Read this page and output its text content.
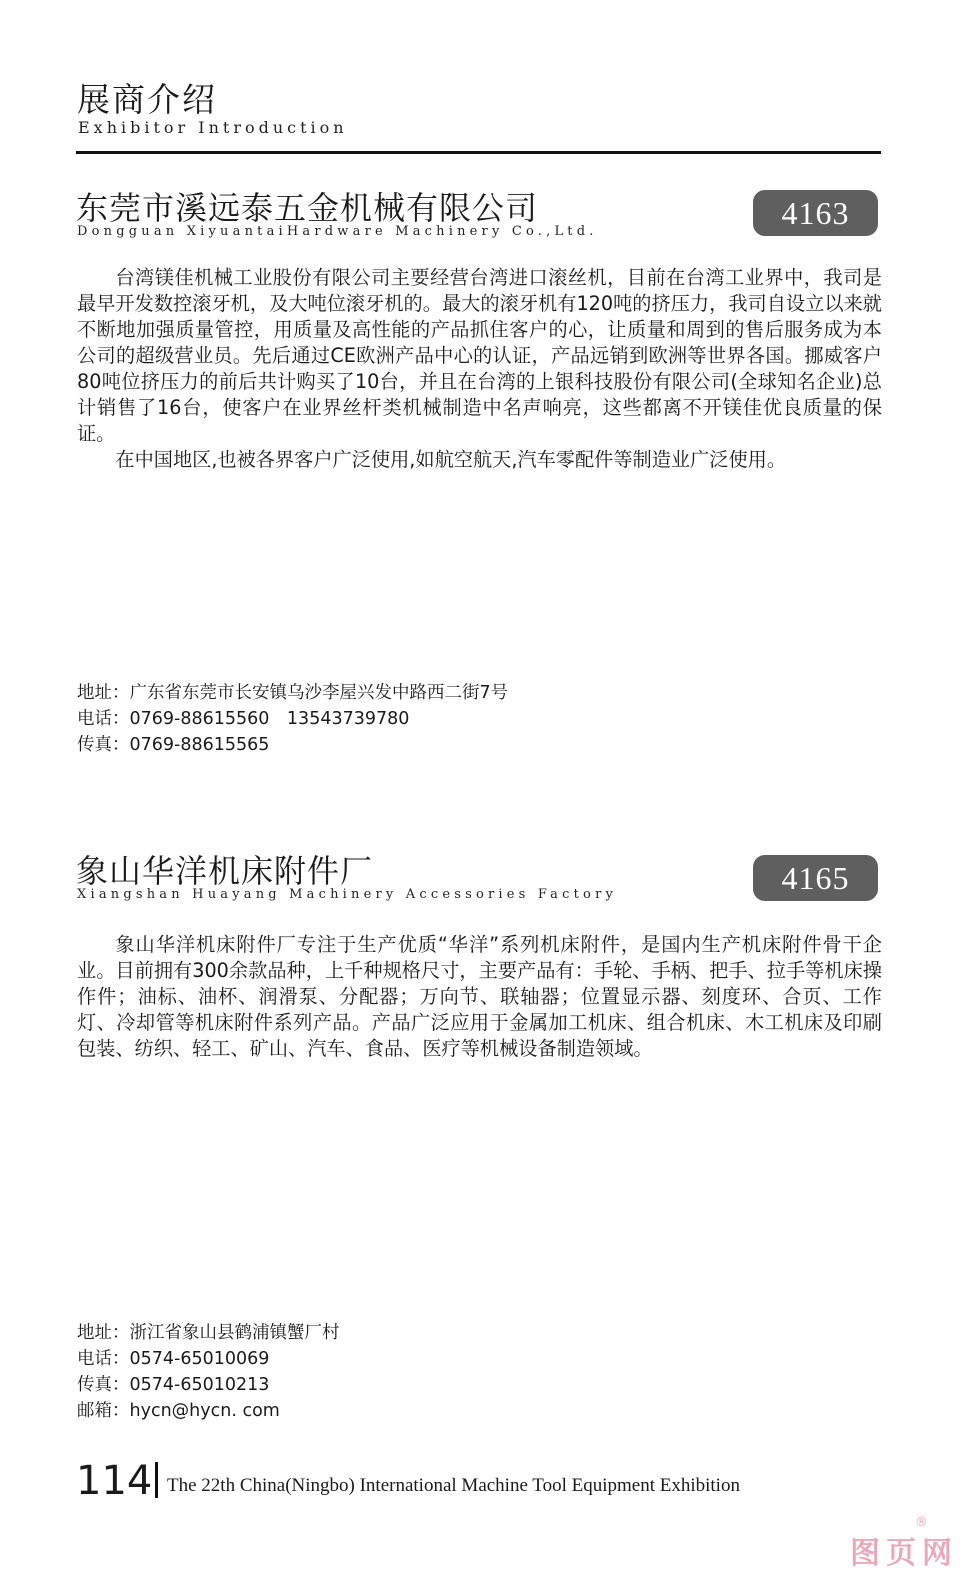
展商介绍
Exhibitor Introduction
东莞市溪远泰五金机械有限公司
Dongguan XiyuantaiHardware Machinery Co.,Ltd.
4163

台湾镁佳机械工业股份有限公司主要经营台湾进口滚丝机，目前在台湾工业界中，我司是最早开发数控滚牙机，及大吨位滚牙机的。最大的滚牙机有120吨的挤压力，我司自设立以来就不断地加强质量管控，用质量及高性能的产品抓住客户的心，让质量和周到的售后服务成为本公司的超级营业员。先后通过CE欧洲产品中心的认证，产品远销到欧洲等世界各国。挪威客户80吨位挤压力的前后共计购买了10台，并且在台湾的上银科技股份有限公司(全球知名企业)总计销售了16台，使客户在业界丝杆类机械制造中名声响亮，这些都离不开镁佳优良质量的保证。

在中国地区,也被各界客户广泛使用,如航空航天,汽车零配件等制造业广泛使用。

地址：广东省东莞市长安镇乌沙李屋兴发中路西二街7号

电话：0769-88615560　13543739780

传真：0769-88615565

象山华洋机床附件厂
Xiangshan Huayang Machinery Accessories Factory	4165

象山华洋机床附件厂专注于生产优质“华洋”系列机床附件，是国内生产机床附件骨干企业。目前拥有300余款品种，上千种规格尺寸，主要产品有：手轮、手柄、把手、拉手等机床操作件；油标、油杯、润滑泵、分配器；万向节、联轴器；位置显示器、刻度环、合页、工作灯、冷却管等机床附件系列产品。产品广泛应用于金属加工机床、组合机床、木工机床及印刷包装、纺织、轻工、矿山、汽车、食品、医疗等机械设备制造领域。

地址：浙江省象山县鹤浦镇蟹厂村

电话：0574-65010069

传真：0574-65010213

邮箱：hycn@hycn. com

114 The 22th China(Ningbo) International Machine Tool Equipment Exhibition
®
图页网
